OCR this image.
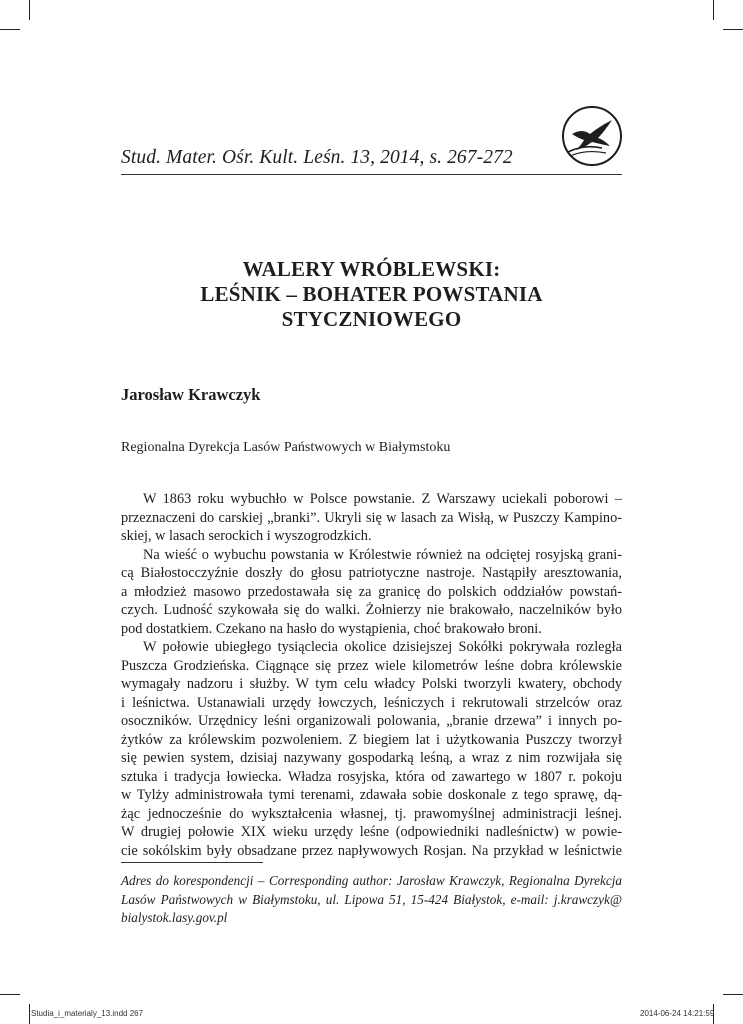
Stud. Mater. Ośr. Kult. Leśn. 13, 2014, s. 267-272
WALERY WRÓBLEWSKI:
LEŚNIK – BOHATER POWSTANIA
STYCZNIOWEGO
Jarosław Krawczyk
Regionalna Dyrekcja Lasów Państwowych w Białymstoku
W 1863 roku wybuchło w Polsce powstanie. Z Warszawy uciekali poborowi –
przeznaczeni do carskiej „branki”. Ukryli się w lasach za Wisłą, w Puszczy Kampino-
skiej, w lasach serockich i wyszogrodzkich.
Na wieść o wybuchu powstania w Królestwie również na odciętej rosyjską grani-
cą Białostocczyźnie doszły do głosu patriotyczne nastroje. Nastąpiły aresztowania,
a młodzież masowo przedostawała się za granicę do polskich oddziałów powstań-
czych. Ludność szykowała się do walki. Żołnierzy nie brakowało, naczelników było
pod dostatkiem. Czekano na hasło do wystąpienia, choć brakowało broni.
W połowie ubiegłego tysiąclecia okolice dzisiejszej Sokółki pokrywała rozległa
Puszcza Grodzieńska. Ciągnące się przez wiele kilometrów leśne dobra królewskie
wymagały nadzoru i służby. W tym celu władcy Polski tworzyli kwatery, obchody
i leśnictwa. Ustanawiali urzędy łowczych, leśniczych i rekrutowali strzelców oraz
osoczników. Urzędnicy leśni organizowali polowania, „branie drzewa” i innych po-
żytków za królewskim pozwoleniem. Z biegiem lat i użytkowania Puszczy tworzył
się pewien system, dzisiaj nazywany gospodarką leśną, a wraz z nim rozwijała się
sztuka i tradycja łowiecka. Władza rosyjska, która od zawartego w 1807 r. pokoju
w Tylży administrowała tymi terenami, zdawała sobie doskonale z tego sprawę, dą-
żąc jednocześnie do wykształcenia własnej, tj. prawomyślnej administracji leśnej.
W drugiej połowie XIX wieku urzędy leśne (odpowiedniki nadleśnictw) w powie-
cie sokólskim były obsadzane przez napływowych Rosjan. Na przykład w leśnictwie
Adres do korespondencji – Corresponding author: Jarosław Krawczyk, Regionalna Dyrekcja
Lasów Państwowych w Białymstoku, ul. Lipowa 51, 15-424 Białystok, e-mail: j.krawczyk@
bialystok.lasy.gov.pl
Studia_i_materialy_13.indd 267	2014-06-24 14:21:59
